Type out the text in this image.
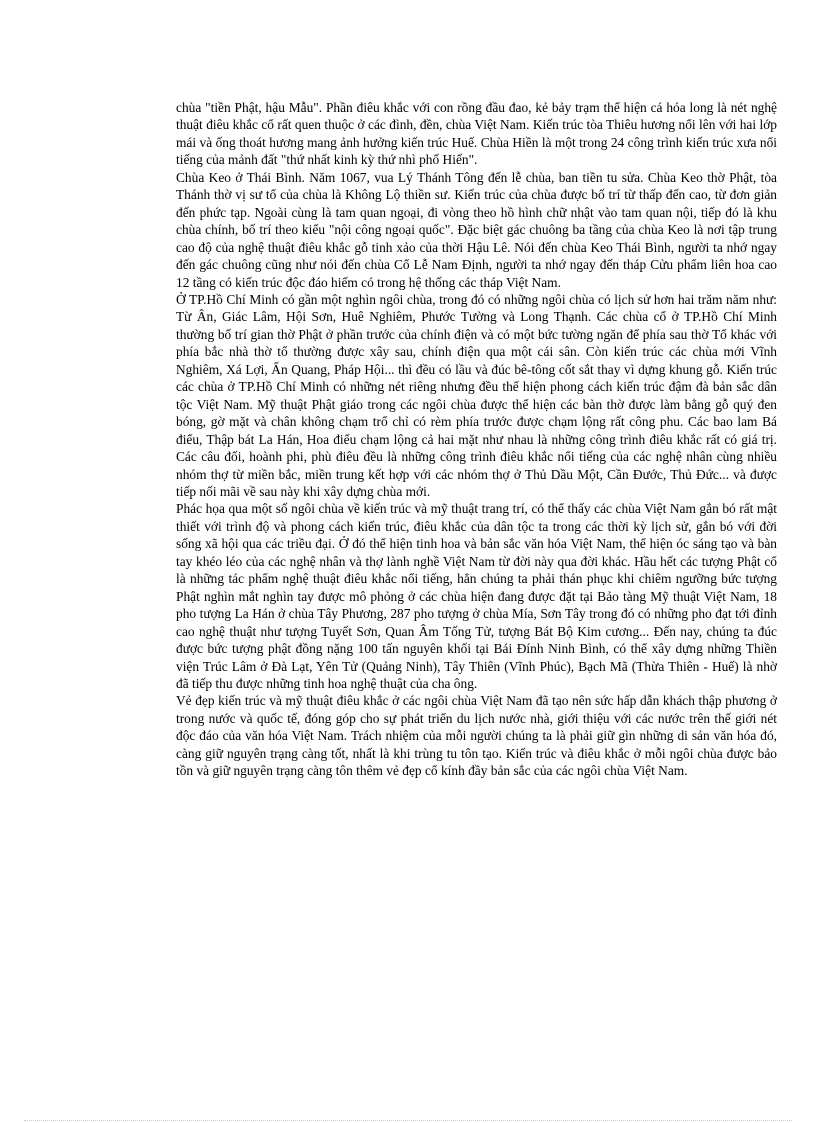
chùa "tiền Phật, hậu Mẫu". Phần điêu khắc với con rồng đầu đao, kẻ bảy trạm thể hiện cá hóa long là nét nghệ thuật điêu khắc cổ rất quen thuộc ở các đình, đền, chùa Việt Nam. Kiến trúc tòa Thiêu hương nổi lên với hai lớp mái và ống thoát hương mang ảnh hưởng kiến trúc Huế. Chùa Hiền là một trong 24 công trình kiến trúc xưa nổi tiếng của mảnh đất "thứ nhất kinh kỳ thứ nhì phố Hiến".

Chùa Keo ở Thái Bình. Năm 1067, vua Lý Thánh Tông đến lễ chùa, ban tiền tu sửa. Chùa Keo thờ Phật, tòa Thánh thờ vị sư tổ của chùa là Không Lộ thiền sư. Kiến trúc của chùa được bố trí từ thấp đến cao, từ đơn giản đến phức tạp. Ngoài cùng là tam quan ngoại, đi vòng theo hồ hình chữ nhật vào tam quan nội, tiếp đó là khu chùa chính, bố trí theo kiểu "nội công ngoại quốc". Đặc biệt gác chuông ba tầng của chùa Keo là nơi tập trung cao độ của nghệ thuật điêu khắc gỗ tinh xảo của thời Hậu Lê. Nói đến chùa Keo Thái Bình, người ta nhớ ngay đến gác chuông cũng như nói đến chùa Cổ Lễ Nam Định, người ta nhớ ngay đến tháp Cửu phẩm liên hoa cao 12 tầng có kiến trúc độc đáo hiếm có trong hệ thống các tháp Việt Nam.

Ở TP.Hồ Chí Minh có gần một nghìn ngôi chùa, trong đó có những ngôi chùa có lịch sử hơn hai trăm năm như: Từ Ân, Giác Lâm, Hội Sơn, Huê Nghiêm, Phước Tường và Long Thạnh. Các chùa cổ ở TP.Hồ Chí Minh thường bố trí gian thờ Phật ở phần trước của chính điện và có một bức tường ngăn để phía sau thờ Tổ khác với phía bắc nhà thờ tổ thường được xây sau, chính điện qua một cái sân. Còn kiến trúc các chùa mới Vĩnh Nghiêm, Xá Lợi, Ấn Quang, Pháp Hội... thì đều có lầu và đúc bê-tông cốt sắt thay vì dựng khung gỗ. Kiến trúc các chùa ở TP.Hồ Chí Minh có những nét riêng nhưng đều thể hiện phong cách kiến trúc đậm đà bản sắc dân tộc Việt Nam. Mỹ thuật Phật giáo trong các ngôi chùa được thể hiện các bàn thờ được làm bằng gỗ quý đen bóng, gờ mặt và chân không chạm trổ chỉ có rèm phía trước được chạm lộng rất công phu. Các bao lam Bá điểu, Thập bát La Hán, Hoa điểu chạm lộng cả hai mặt như nhau là những công trình điêu khắc rất có giá trị. Các câu đối, hoành phi, phù điêu đều là những công trình điêu khắc nổi tiếng của các nghệ nhân cùng nhiều nhóm thợ từ miền bắc, miền trung kết hợp với các nhóm thợ ở Thủ Dầu Một, Cần Đước, Thủ Đức... và được tiếp nối mãi về sau này khi xây dựng chùa mới.

Phác họa qua một số ngôi chùa về kiến trúc và mỹ thuật trang trí, có thể thấy các chùa Việt Nam gắn bó rất mật thiết với trình độ và phong cách kiến trúc, điêu khắc của dân tộc ta trong các thời kỳ lịch sử, gắn bó với đời sống xã hội qua các triều đại. Ở đó thể hiện tinh hoa và bản sắc văn hóa Việt Nam, thể hiện óc sáng tạo và bàn tay khéo léo của các nghệ nhân và thợ lành nghề Việt Nam từ đời này qua đời khác. Hầu hết các tượng Phật cổ là những tác phẩm nghệ thuật điêu khắc nổi tiếng, hẳn chúng ta phải thán phục khi chiêm ngưỡng bức tượng Phật nghìn mắt nghìn tay được mô phỏng ở các chùa hiện đang được đặt tại Bảo tàng Mỹ thuật Việt Nam, 18 pho tượng La Hán ở chùa Tây Phương, 287 pho tượng ở chùa Mía, Sơn Tây trong đó có những pho đạt tới đỉnh cao nghệ thuật như tượng Tuyết Sơn, Quan Âm Tống Tử, tượng Bát Bộ Kim cương... Đến nay, chúng ta đúc được bức tượng phật đồng nặng 100 tấn nguyên khối tại Bái Đính Ninh Bình, có thể xây dựng những Thiền viện Trúc Lâm ở Đà Lạt, Yên Tử (Quảng Ninh), Tây Thiên (Vĩnh Phúc), Bạch Mã (Thừa Thiên - Huế) là nhờ đã tiếp thu được những tinh hoa nghệ thuật của cha ông.

Vẻ đẹp kiến trúc và mỹ thuật điêu khắc ở các ngôi chùa Việt Nam đã tạo nên sức hấp dẫn khách thập phương ở trong nước và quốc tế, đóng góp cho sự phát triển du lịch nước nhà, giới thiệu với các nước trên thế giới nét độc đáo của văn hóa Việt Nam. Trách nhiệm của mỗi người chúng ta là phải giữ gìn những di sản văn hóa đó, càng giữ nguyên trạng càng tốt, nhất là khi trùng tu tôn tạo. Kiến trúc và điêu khắc ở mỗi ngôi chùa được bảo tồn và giữ nguyên trạng càng tôn thêm vẻ đẹp cổ kính đầy bản sắc của các ngôi chùa Việt Nam.
